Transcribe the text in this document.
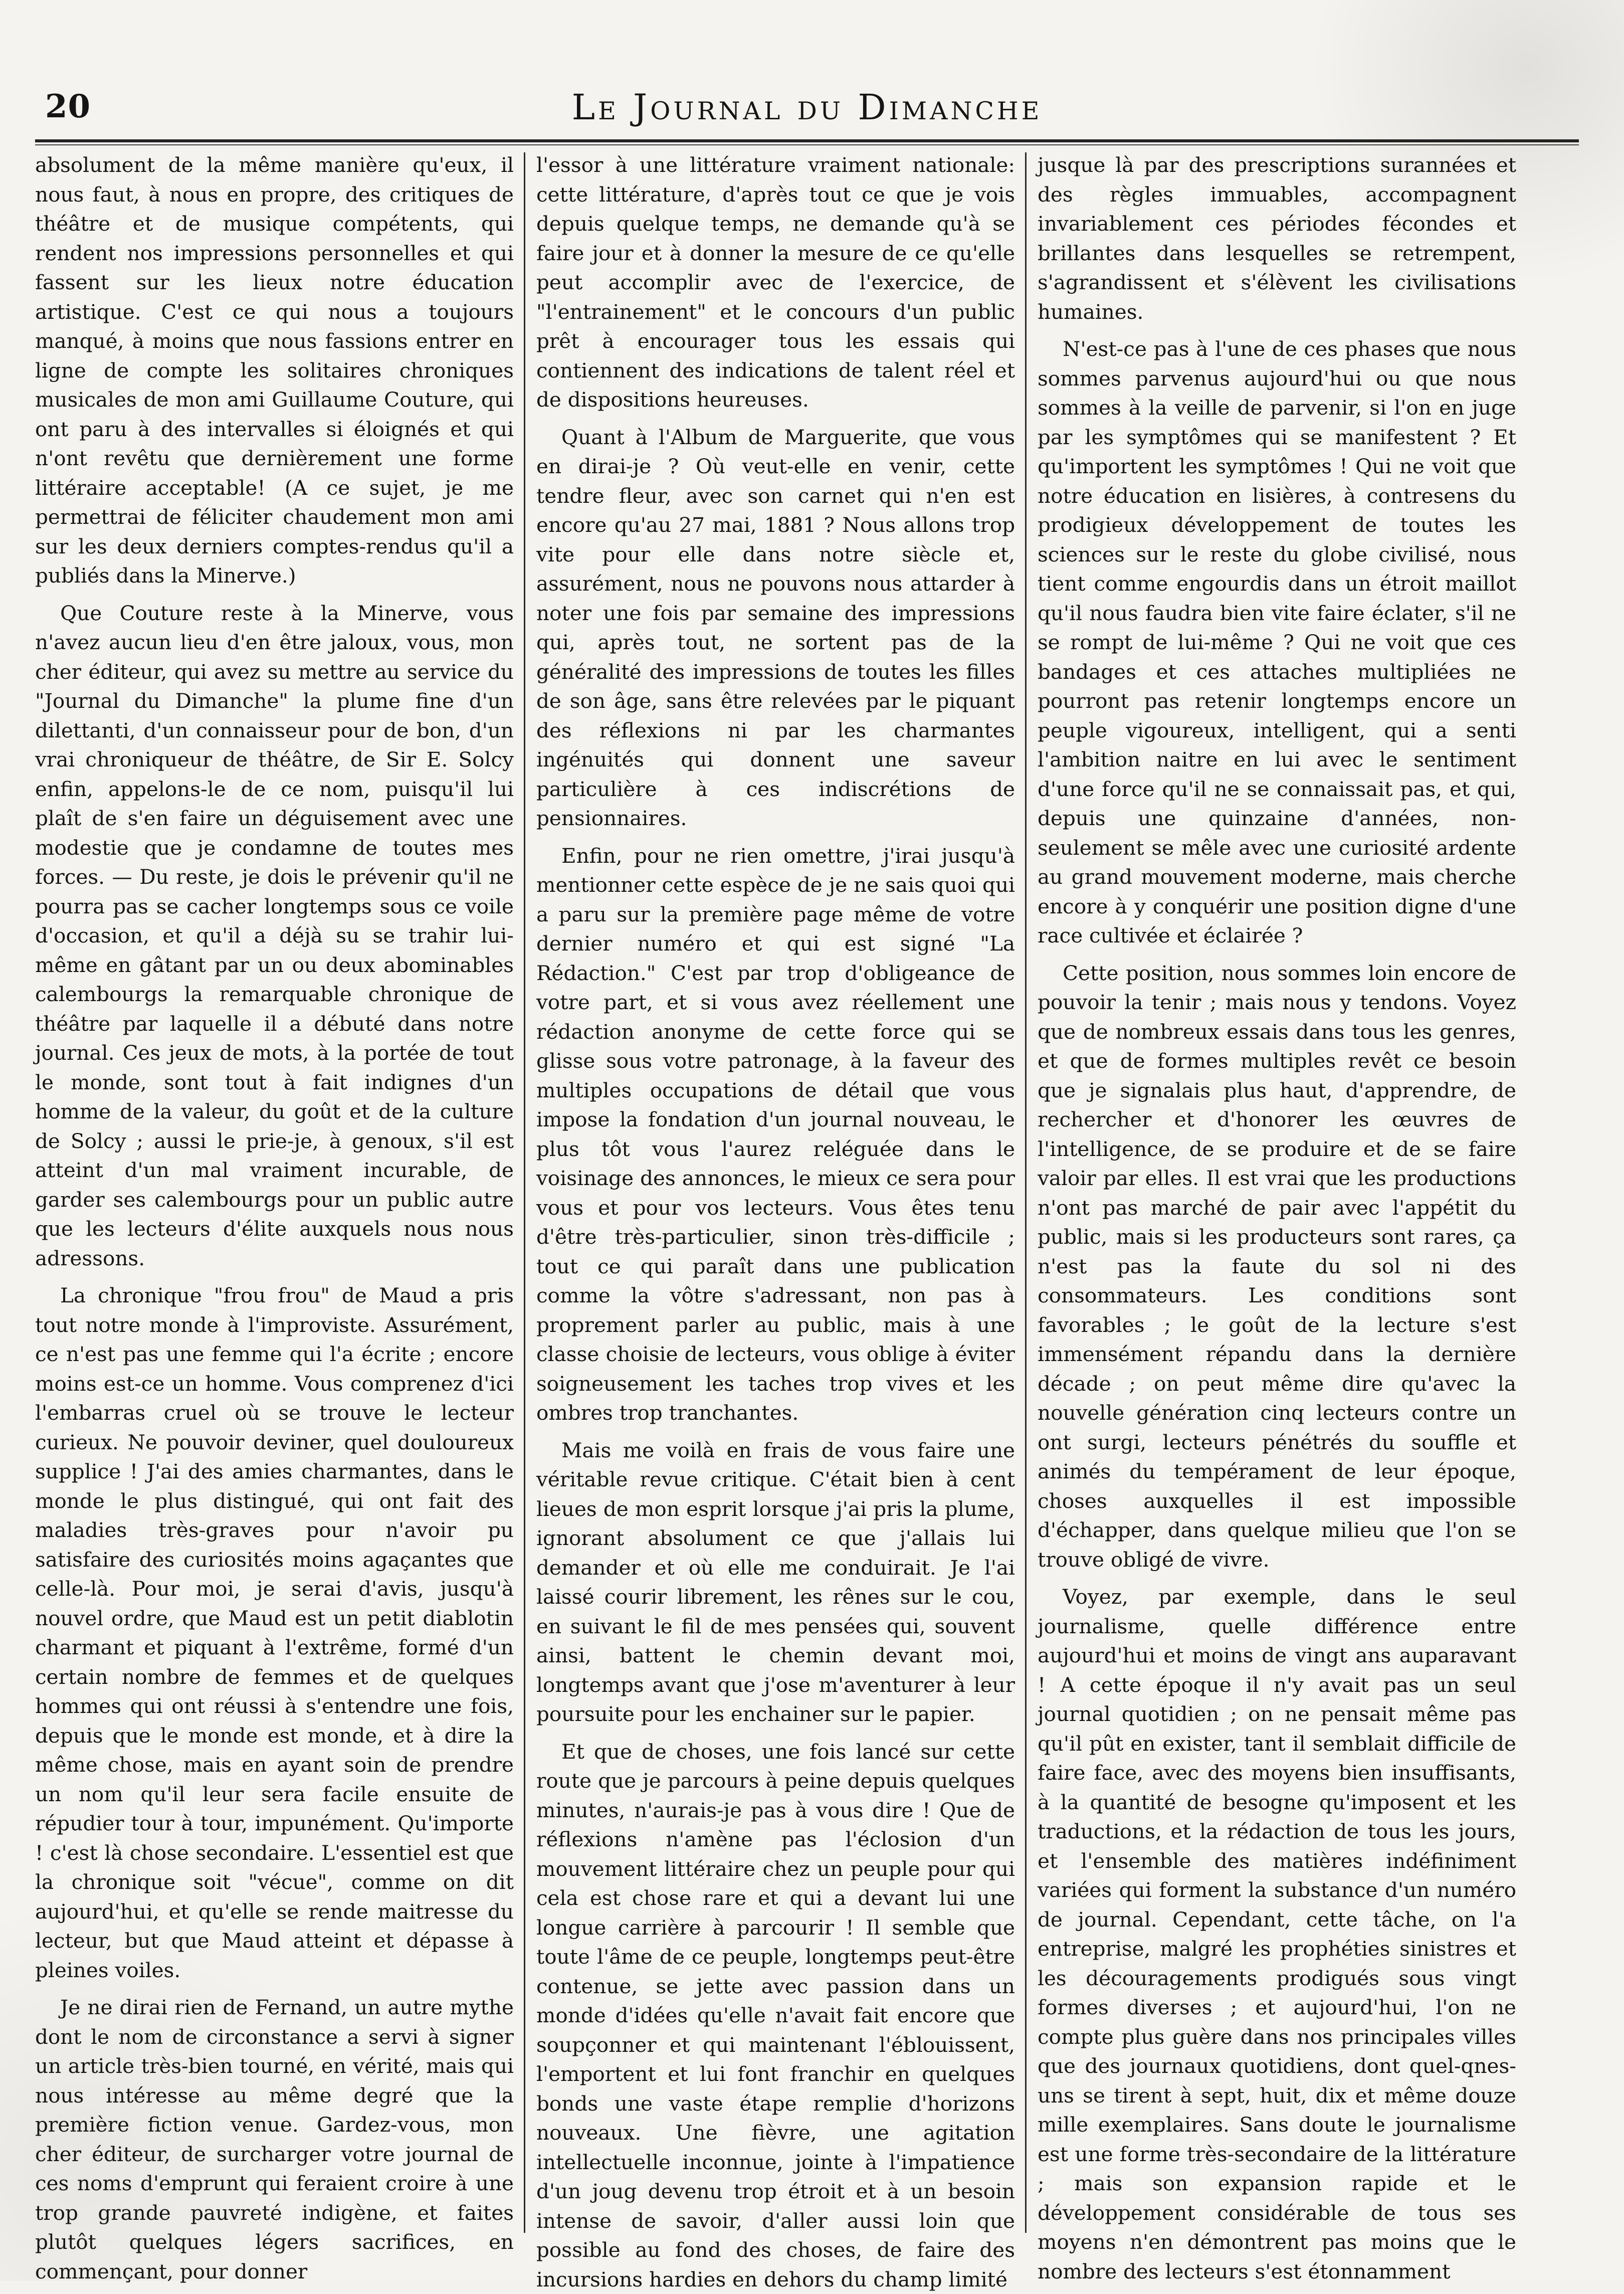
20	Le Journal du Dimanche

absolument de la même manière qu'eux, il nous faut, à nous en propre, des critiques de théâtre et de musique compétents, qui rendent nos impressions personnelles et qui fassent sur les lieux notre éducation artistique. C'est ce qui nous a toujours manqué, à moins que nous fassions entrer en ligne de compte les solitaires chroniques musicales de mon ami Guillaume Couture, qui ont paru à des intervalles si éloignés et qui n'ont revêtu que dernièrement une forme littéraire acceptable! (A ce sujet, je me permettrai de féliciter chaudement mon ami sur les deux derniers comptes-rendus qu'il a publiés dans la Minerve.)

Que Couture reste à la Minerve, vous n'avez aucun lieu d'en être jaloux, vous, mon cher éditeur, qui avez su mettre au service du "Journal du Dimanche" la plume fine d'un dilettanti, d'un connaisseur pour de bon, d'un vrai chroniqueur de théâtre, de Sir E. Solcy enfin, appelons-le de ce nom, puisqu'il lui plaît de s'en faire un déguisement avec une modestie que je condamne de toutes mes forces. — Du reste, je dois le prévenir qu'il ne pourra pas se cacher longtemps sous ce voile d'occasion, et qu'il a déjà su se trahir lui-même en gâtant par un ou deux abominables calembourgs la remarquable chronique de théâtre par laquelle il a débuté dans notre journal. Ces jeux de mots, à la portée de tout le monde, sont tout à fait indignes d'un homme de la valeur, du goût et de la culture de Solcy ; aussi le prie-je, à genoux, s'il est atteint d'un mal vraiment incurable, de garder ses calembourgs pour un public autre que les lecteurs d'élite auxquels nous nous adressons.

La chronique "frou frou" de Maud a pris tout notre monde à l'improviste. Assurément, ce n'est pas une femme qui l'a écrite ; encore moins est-ce un homme. Vous comprenez d'ici l'embarras cruel où se trouve le lecteur curieux. Ne pouvoir deviner, quel douloureux supplice ! J'ai des amies charmantes, dans le monde le plus distingué, qui ont fait des maladies très-graves pour n'avoir pu satisfaire des curiosités moins agaçantes que celle-là. Pour moi, je serai d'avis, jusqu'à nouvel ordre, que Maud est un petit diablotin charmant et piquant à l'extrême, formé d'un certain nombre de femmes et de quelques hommes qui ont réussi à s'entendre une fois, depuis que le monde est monde, et à dire la même chose, mais en ayant soin de prendre un nom qu'il leur sera facile ensuite de répudier tour à tour, impunément. Qu'importe ! c'est là chose secondaire. L'essentiel est que la chronique soit "vécue", comme on dit aujourd'hui, et qu'elle se rende maitresse du lecteur, but que Maud atteint et dépasse à pleines voiles.

Je ne dirai rien de Fernand, un autre mythe dont le nom de circonstance a servi à signer un article très-bien tourné, en vérité, mais qui nous intéresse au même degré que la première fiction venue. Gardez-vous, mon cher éditeur, de surcharger votre journal de ces noms d'emprunt qui feraient croire à une trop grande pauvreté indigène, et faites plutôt quelques légers sacrifices, en commençant, pour donner

l'essor à une littérature vraiment nationale: cette littérature, d'après tout ce que je vois depuis quelque temps, ne demande qu'à se faire jour et à donner la mesure de ce qu'elle peut accomplir avec de l'exercice, de "l'entrainement" et le concours d'un public prêt à encourager tous les essais qui contiennent des indications de talent réel et de dispositions heureuses.

Quant à l'Album de Marguerite, que vous en dirai-je ? Où veut-elle en venir, cette tendre fleur, avec son carnet qui n'en est encore qu'au 27 mai, 1881 ? Nous allons trop vite pour elle dans notre siècle et, assurément, nous ne pouvons nous attarder à noter une fois par semaine des impressions qui, après tout, ne sortent pas de la généralité des impressions de toutes les filles de son âge, sans être relevées par le piquant des réflexions ni par les charmantes ingénuités qui donnent une saveur particulière à ces indiscrétions de pensionnaires.

Enfin, pour ne rien omettre, j'irai jusqu'à mentionner cette espèce de je ne sais quoi qui a paru sur la première page même de votre dernier numéro et qui est signé "La Rédaction." C'est par trop d'obligeance de votre part, et si vous avez réellement une rédaction anonyme de cette force qui se glisse sous votre patronage, à la faveur des multiples occupations de détail que vous impose la fondation d'un journal nouveau, le plus tôt vous l'aurez reléguée dans le voisinage des annonces, le mieux ce sera pour vous et pour vos lecteurs. Vous êtes tenu d'être très-particulier, sinon très-difficile ; tout ce qui paraît dans une publication comme la vôtre s'adressant, non pas à proprement parler au public, mais à une classe choisie de lecteurs, vous oblige à éviter soigneusement les taches trop vives et les ombres trop tranchantes.

Mais me voilà en frais de vous faire une véritable revue critique. C'était bien à cent lieues de mon esprit lorsque j'ai pris la plume, ignorant absolument ce que j'allais lui demander et où elle me conduirait. Je l'ai laissé courir librement, les rênes sur le cou, en suivant le fil de mes pensées qui, souvent ainsi, battent le chemin devant moi, longtemps avant que j'ose m'aventurer à leur poursuite pour les enchainer sur le papier.

Et que de choses, une fois lancé sur cette route que je parcours à peine depuis quelques minutes, n'aurais-je pas à vous dire ! Que de réflexions n'amène pas l'éclosion d'un mouvement littéraire chez un peuple pour qui cela est chose rare et qui a devant lui une longue carrière à parcourir ! Il semble que toute l'âme de ce peuple, longtemps peut-être contenue, se jette avec passion dans un monde d'idées qu'elle n'avait fait encore que soupçonner et qui maintenant l'éblouissent, l'emportent et lui font franchir en quelques bonds une vaste étape remplie d'horizons nouveaux. Une fièvre, une agitation intellectuelle inconnue, jointe à l'impatience d'un joug devenu trop étroit et à un besoin intense de savoir, d'aller aussi loin que possible au fond des choses, de faire des incursions hardies en dehors du champ limité

jusque là par des prescriptions surannées et des règles immuables, accompagnent invariablement ces périodes fécondes et brillantes dans lesquelles se retrempent, s'agrandissent et s'élèvent les civilisations humaines.

N'est-ce pas à l'une de ces phases que nous sommes parvenus aujourd'hui ou que nous sommes à la veille de parvenir, si l'on en juge par les symptômes qui se manifestent ? Et qu'importent les symptômes ! Qui ne voit que notre éducation en lisières, à contresens du prodigieux développement de toutes les sciences sur le reste du globe civilisé, nous tient comme engourdis dans un étroit maillot qu'il nous faudra bien vite faire éclater, s'il ne se rompt de lui-même ? Qui ne voit que ces bandages et ces attaches multipliées ne pourront pas retenir longtemps encore un peuple vigoureux, intelligent, qui a senti l'ambition naitre en lui avec le sentiment d'une force qu'il ne se connaissait pas, et qui, depuis une quinzaine d'années, non-seulement se mêle avec une curiosité ardente au grand mouvement moderne, mais cherche encore à y conquérir une position digne d'une race cultivée et éclairée ?

Cette position, nous sommes loin encore de pouvoir la tenir ; mais nous y tendons. Voyez que de nombreux essais dans tous les genres, et que de formes multiples revêt ce besoin que je signalais plus haut, d'apprendre, de rechercher et d'honorer les œuvres de l'intelligence, de se produire et de se faire valoir par elles. Il est vrai que les productions n'ont pas marché de pair avec l'appétit du public, mais si les producteurs sont rares, ça n'est pas la faute du sol ni des consommateurs. Les conditions sont favorables ; le goût de la lecture s'est immensément répandu dans la dernière décade ; on peut même dire qu'avec la nouvelle génération cinq lecteurs contre un ont surgi, lecteurs pénétrés du souffle et animés du tempérament de leur époque, choses auxquelles il est impossible d'échapper, dans quelque milieu que l'on se trouve obligé de vivre.

Voyez, par exemple, dans le seul journalisme, quelle différence entre aujourd'hui et moins de vingt ans auparavant ! A cette époque il n'y avait pas un seul journal quotidien ; on ne pensait même pas qu'il pût en exister, tant il semblait difficile de faire face, avec des moyens bien insuffisants, à la quantité de besogne qu'imposent et les traductions, et la rédaction de tous les jours, et l'ensemble des matières indéfiniment variées qui forment la substance d'un numéro de journal. Cependant, cette tâche, on l'a entreprise, malgré les prophéties sinistres et les découragements prodigués sous vingt formes diverses ; et aujourd'hui, l'on ne compte plus guère dans nos principales villes que des journaux quotidiens, dont quel-qnes-uns se tirent à sept, huit, dix et même douze mille exemplaires. Sans doute le journalisme est une forme très-secondaire de la littérature ; mais son expansion rapide et le développement considérable de tous ses moyens n'en démontrent pas moins que le nombre des lecteurs s'est étonnamment
